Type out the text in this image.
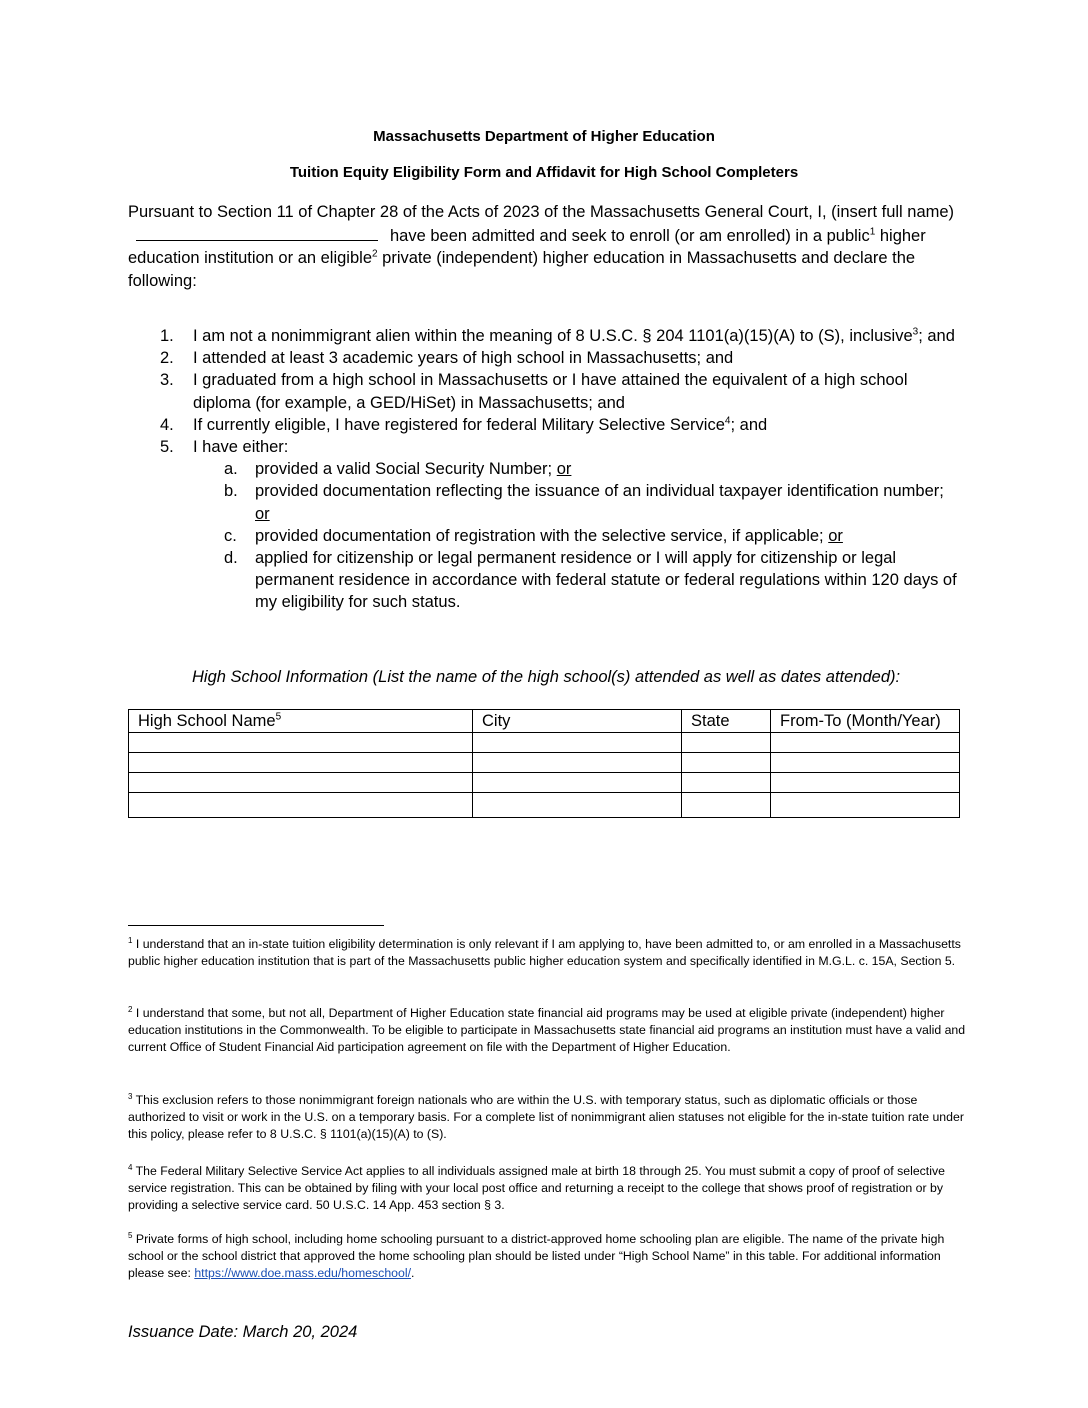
Massachusetts Department of Higher Education
Tuition Equity Eligibility Form and Affidavit for High School Completers
Pursuant to Section 11 of Chapter 28 of the Acts of 2023 of the Massachusetts General Court, I, (insert full name)have been admitted and seek to enroll (or am enrolled) in a public$^1$ higher education institution or an eligible$^2$ private (independent) higher education in Massachusetts and declare the following:
1. I am not a nonimmigrant alien within the meaning of 8 U.S.C. § 204 1101(a)(15)(A) to (S), inclusive$^3$; and
2. I attended at least 3 academic years of high school in Massachusetts; and
3. I graduated from a high school in Massachusetts or I have attained the equivalent of a high school diploma (for example, a GED/HiSet) in Massachusetts; and
4. If currently eligible, I have registered for federal Military Selective Service$^4$; and
5. I have either:
a. provided a valid Social Security Number; or
b. provided documentation reflecting the issuance of an individual taxpayer identification number; or
c. provided documentation of registration with the selective service, if applicable; or
d. applied for citizenship or legal permanent residence or I will apply for citizenship or legal permanent residence in accordance with federal statute or federal regulations within 120 days of my eligibility for such status.
High School Information (List the name of the high school(s) attended as well as dates attended):
High School Name$^5$	City	State	From-To (Month/Year)

$^1$ I understand that an in-state tuition eligibility determination is only relevant if I am applying to, have been admitted to, or am enrolled in a Massachusetts public higher education institution that is part of the Massachusetts public higher education system and specifically identified in M.G.L. c. 15A, Section 5.
$^2$ I understand that some, but not all, Department of Higher Education state financial aid programs may be used at eligible private (independent) higher education institutions in the Commonwealth. To be eligible to participate in Massachusetts state financial aid programs an institution must have a valid and current Office of Student Financial Aid participation agreement on file with the Department of Higher Education.
$^3$ This exclusion refers to those nonimmigrant foreign nationals who are within the U.S. with temporary status, such as diplomatic officials or those authorized to visit or work in the U.S. on a temporary basis. For a complete list of nonimmigrant alien statuses not eligible for the in-state tuition rate under this policy, please refer to 8 U.S.C. § 1101(a)(15)(A) to (S).
$^4$ The Federal Military Selective Service Act applies to all individuals assigned male at birth 18 through 25. You must submit a copy of proof of selective service registration. This can be obtained by filing with your local post office and returning a receipt to the college that shows proof of registration or by providing a selective service card. 50 U.S.C. 14 App. 453 section § 3.
$^5$ Private forms of high school, including home schooling pursuant to a district-approved home schooling plan are eligible. The name of the private high school or the school district that approved the home schooling plan should be listed under “High School Name” in this table. For additional information please see: https://www.doe.mass.edu/homeschool/.
Issuance Date: March 20, 2024
